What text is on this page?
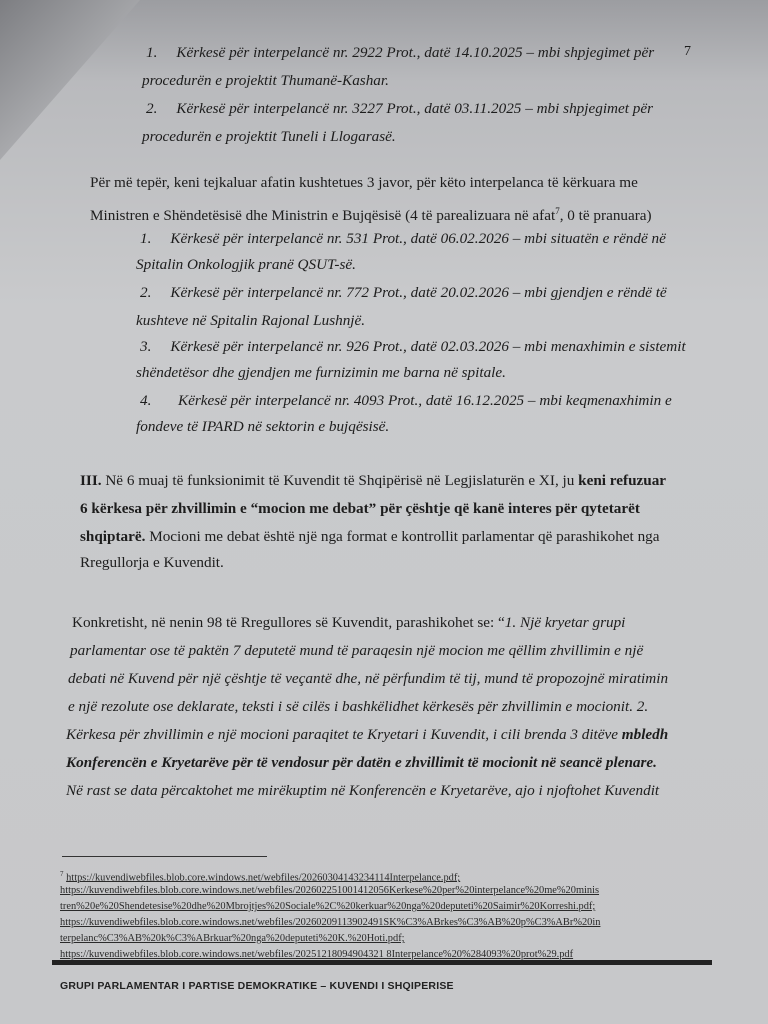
7

1. Kërkesë për interpelancë nr. 2922 Prot., datë 14.10.2025 – mbi shpjegimet për

procedurën e projektit Thumanë-Kashar.

2. Kërkesë për interpelancë nr. 3227 Prot., datë 03.11.2025 – mbi shpjegimet për

procedurën e projektit Tuneli i Llogarasë.

Për më tepër, keni tejkaluar afatin kushtetues 3 javor, për këto interpelanca të kërkuara me

Ministren e Shëndetësisë dhe Ministrin e Bujqësisë (4 të parealizuara në afat$^7$, 0 të pranuara)

1. Kërkesë për interpelancë nr. 531 Prot., datë 06.02.2026 – mbi situatën e rëndë në

Spitalin Onkologjik pranë QSUT-së.

2. Kërkesë për interpelancë nr. 772 Prot., datë 20.02.2026 – mbi gjendjen e rëndë të

kushteve në Spitalin Rajonal Lushnjë.

3. Kërkesë për interpelancë nr. 926 Prot., datë 02.03.2026 – mbi menaxhimin e sistemit

shëndetësor dhe gjendjen me furnizimin me barna në spitale.

4. Kërkesë për interpelancë nr. 4093 Prot., datë 16.12.2025 – mbi keqmenaxhimin e

fondeve të IPARD në sektorin e bujqësisë.

III. Në 6 muaj të funksionimit të Kuvendit të Shqipërisë në Legjislaturën e XI, ju keni refuzuar

6 kërkesa për zhvillimin e “mocion me debat” për çështje që kanë interes për qytetarët

shqiptarë. Mocioni me debat është një nga format e kontrollit parlamentar që parashikohet nga

Rregullorja e Kuvendit.

Konkretisht, në nenin 98 të Rregullores së Kuvendit, parashikohet se: “1. Një kryetar grupi

parlamentar ose të paktën 7 deputetë mund të paraqesin një mocion me qëllim zhvillimin e një

debati në Kuvend për një çështje të veçantë dhe, në përfundim të tij, mund të propozojnë miratimin

e një rezolute ose deklarate, teksti i së cilës i bashkëlidhet kërkesës për zhvillimin e mocionit. 2.

Kërkesa për zhvillimin e një mocioni paraqitet te Kryetari i Kuvendit, i cili brenda 3 ditëve mbledh

Konferencën e Kryetarëve për të vendosur për datën e zhvillimit të mocionit në seancë plenare.

Në rast se data përcaktohet me mirëkuptim në Konferencën e Kryetarëve, ajo i njoftohet Kuvendit

$^7$ https://kuvendiwebfiles.blob.core.windows.net/webfiles/20260304143234114Interpelance.pdf;
https://kuvendiwebfiles.blob.core.windows.net/webfiles/202602251001412056Kerkese%20per%20interpelance%20me%20minis
tren%20e%20Shendetesise%20dhe%20Mbrojtjes%20Sociale%2C%20kerkuar%20nga%20deputeti%20Saimir%20Korreshi.pdf;
https://kuvendiwebfiles.blob.core.windows.net/webfiles/20260209113902491SK%C3%ABrkes%C3%AB%20p%C3%ABr%20in
terpelanc%C3%AB%20k%C3%ABrkuar%20nga%20deputeti%20K.%20Hoti.pdf;
https://kuvendiwebfiles.blob.core.windows.net/webfiles/20251218094904321 8Interpelance%20%284093%20prot%29.pdf
GRUPI PARLAMENTAR I PARTISE DEMOKRATIKE – KUVENDI I SHQIPERISE
